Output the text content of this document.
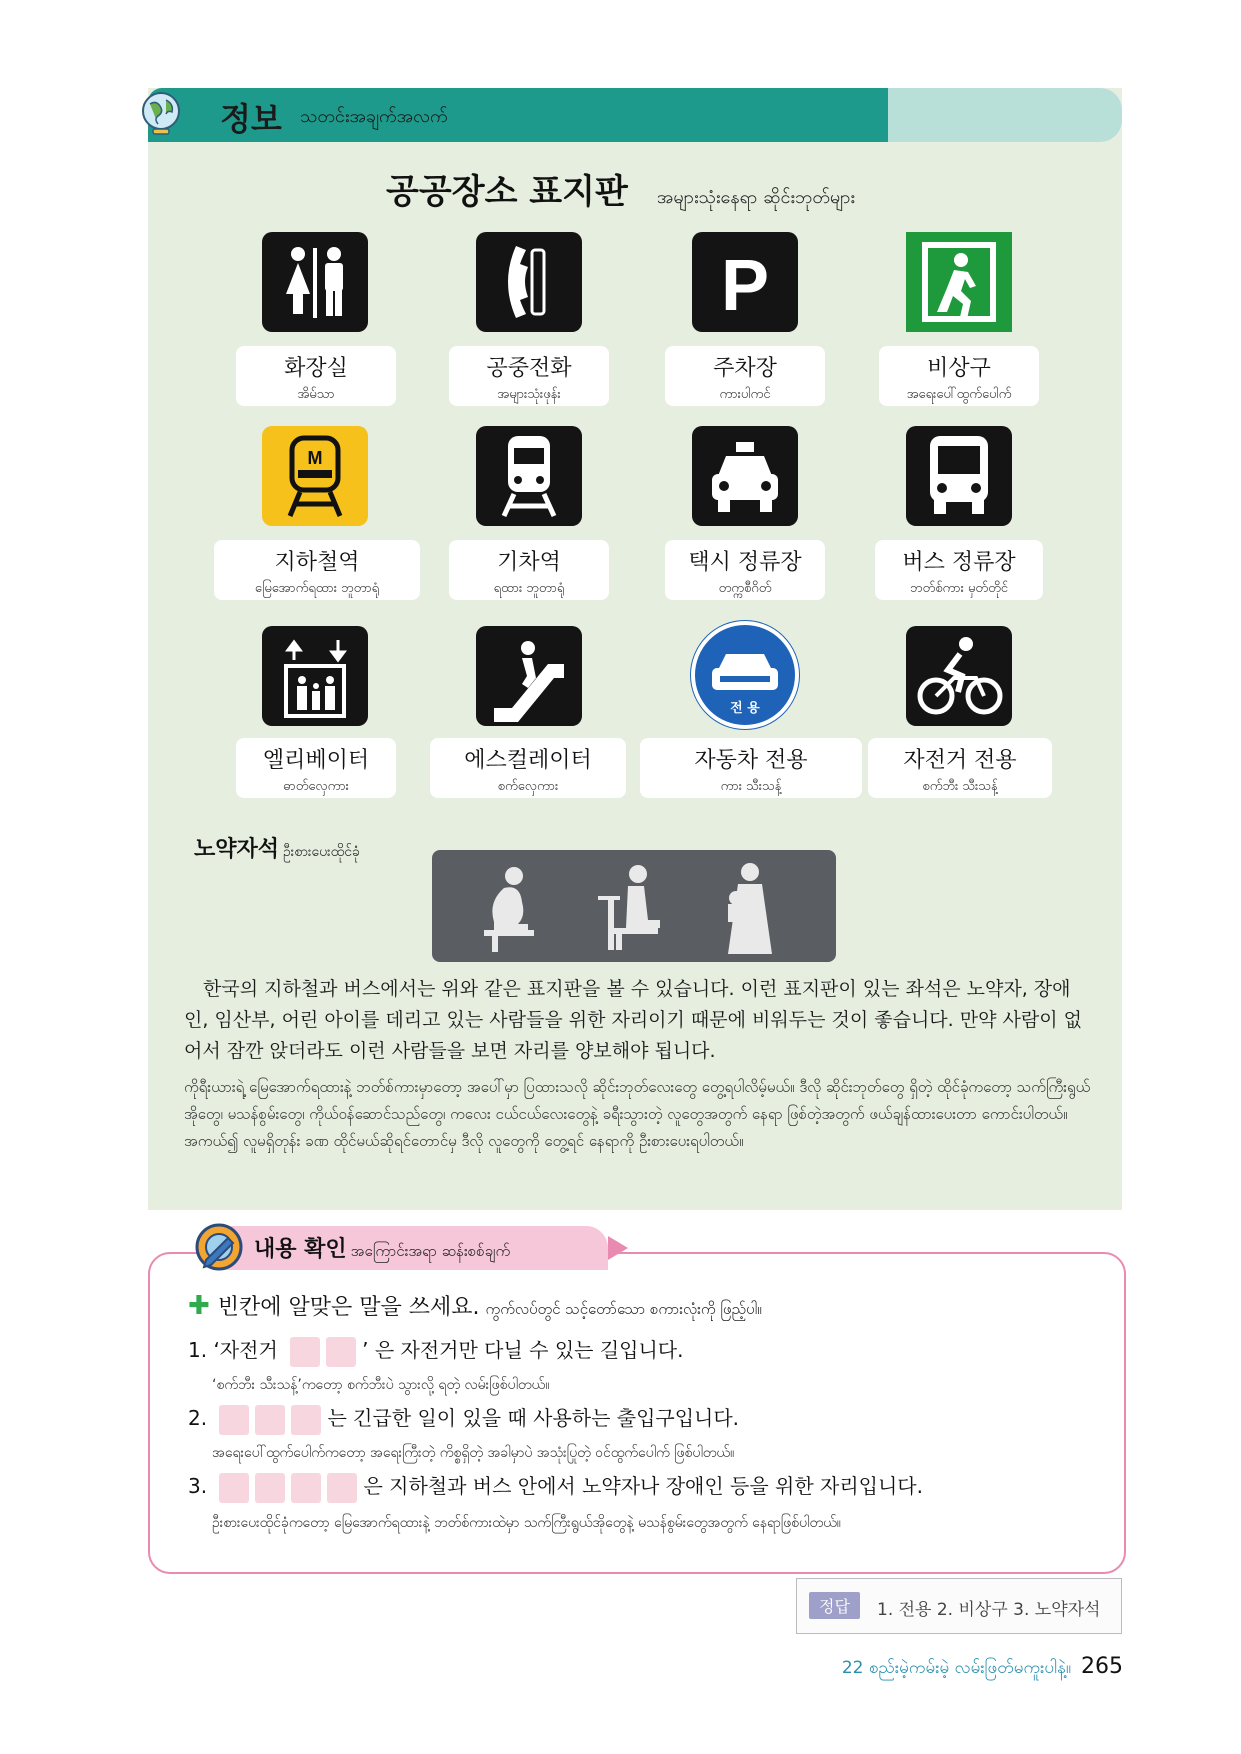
정보 သတင်းအချက်အလက်
공공장소 표지판 အများသုံးနေရာ ဆိုင်းဘုတ်များ
P
화장실
အိမ်သာ
공중전화
အများသုံးဖုန်း
주차장
ကားပါကင်
비상구
အရေးပေါ်ထွက်ပေါက်
M
지하철역
မြေအောက်ရထား ဘူတာရုံ
기차역
ရထား ဘူတာရုံ
택시 정류장
တက္ကစီဂိတ်
버스 정류장
ဘတ်စ်ကား မှတ်တိုင်
전 용
엘리베이터
ဓာတ်လှေကား
에스컬레이터
စက်လှေကား
자동차 전용
ကား သီးသန့်
자전거 전용
စက်ဘီး သီးသန့်
노약자석 ဦးစားပေးထိုင်ခုံ
 한국의 지하철과 버스에서는 위와 같은 표지판을 볼 수 있습니다. 이런 표지판이 있는 좌석은 노약자, 장애인, 임산부, 어린 아이를 데리고 있는 사람들을 위한 자리이기 때문에 비워두는 것이 좋습니다. 만약 사람이 없어서 잠깐 앉더라도 이런 사람들을 보면 자리를 양보해야 됩니다.
ကိုရီးယားရဲ့ မြေအောက်ရထားနဲ့ ဘတ်စ်ကားမှာတော့ အပေါ်မှာ ပြထားသလို ဆိုင်းဘုတ်လေးတွေ တွေ့ရပါလိမ့်မယ်။ ဒီလို ဆိုင်းဘုတ်တွေ ရှိတဲ့ ထိုင်ခုံကတော့ သက်ကြီးရွယ်အိုတွေ၊ မသန်စွမ်းတွေ၊ ကိုယ်ဝန်ဆောင်သည်တွေ၊ ကလေး ငယ်ငယ်လေးတွေနဲ့ ခရီးသွားတဲ့ လူတွေအတွက် နေရာ ဖြစ်တဲ့အတွက် ဖယ်ချန်ထားပေးတာ ကောင်းပါတယ်။ အကယ်၍ လူမရှိတုန်း ခဏ ထိုင်မယ်ဆိုရင်တောင်မှ ဒီလို လူတွေကို တွေ့ရင် နေရာကို ဦးစားပေးရပါတယ်။
내용 확인 အကြောင်းအရာ ဆန်းစစ်ချက်
✚ 빈칸에 알맞은 말을 쓰세요. ကွက်လပ်တွင် သင့်တော်သော စကားလုံးကို ဖြည့်ပါ။
1. ‘자전거	’ 은 자전거만 다닐 수 있는 길입니다.
‘စက်ဘီး သီးသန့်’ကတော့ စက်ဘီးပဲ သွားလို့ ရတဲ့ လမ်းဖြစ်ပါတယ်။
2.	는 긴급한 일이 있을 때 사용하는 출입구입니다.
အရေးပေါ်ထွက်ပေါက်ကတော့ အရေးကြီးတဲ့ ကိစ္စရှိတဲ့ အခါမှာပဲ အသုံးပြုတဲ့ ဝင်ထွက်ပေါက် ဖြစ်ပါတယ်။
3.	은 지하철과 버스 안에서 노약자나 장애인 등을 위한 자리입니다.
ဦးစားပေးထိုင်ခုံကတော့ မြေအောက်ရထားနဲ့ ဘတ်စ်ကားထဲမှာ သက်ကြီးရွယ်အိုတွေနဲ့ မသန်စွမ်းတွေအတွက် နေရာဖြစ်ပါတယ်။
정답	1. 전용 2. 비상구 3. 노약자석
22 စည်းမဲ့ကမ်းမဲ့ လမ်းဖြတ်မကူးပါနဲ့။ 265
